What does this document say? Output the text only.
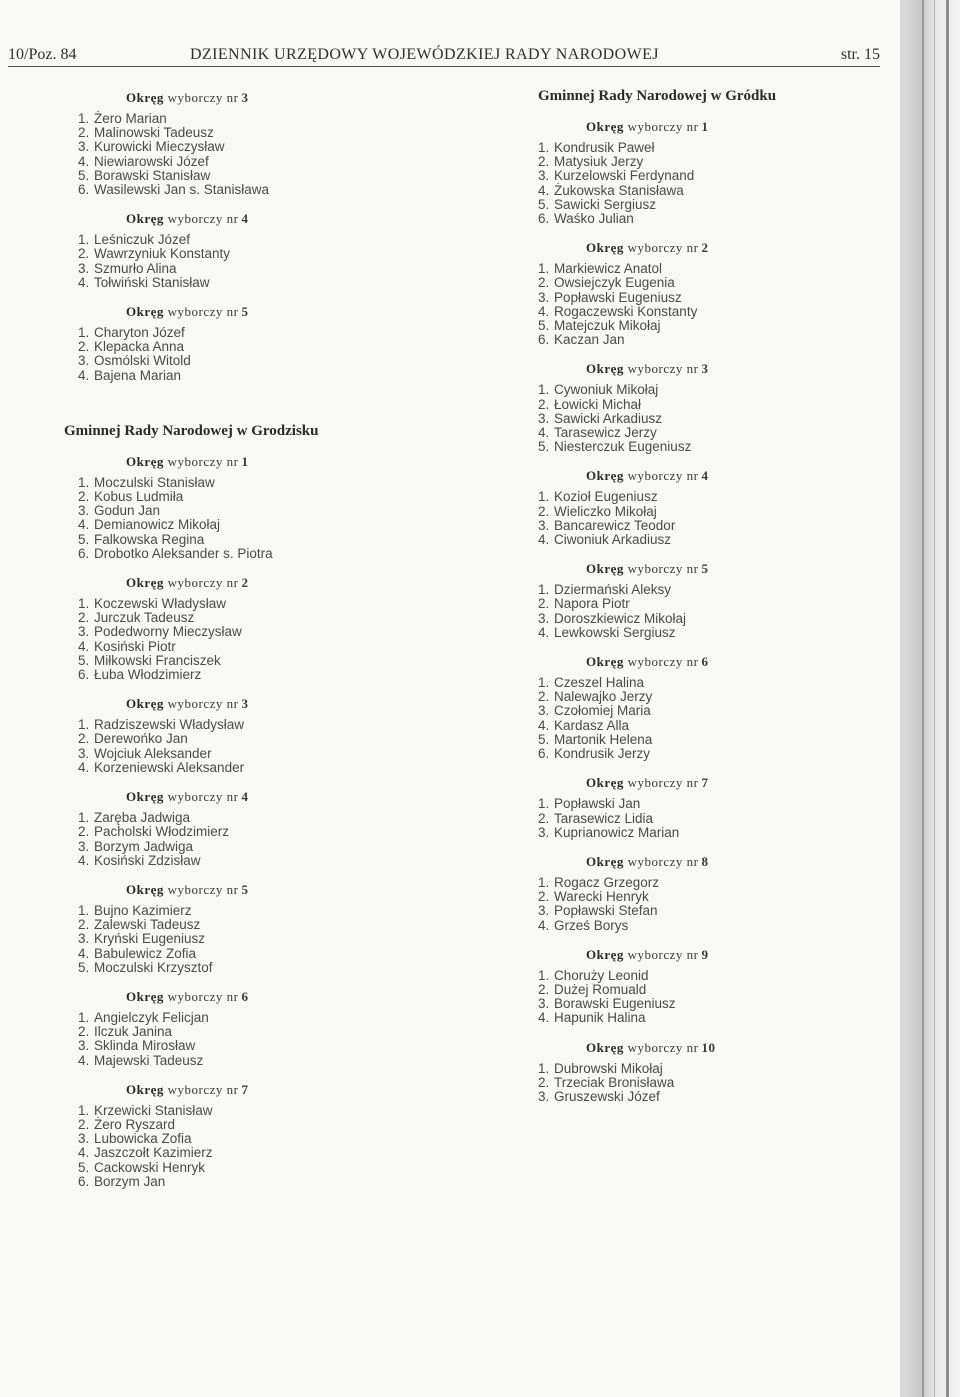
10/Poz. 84	DZIENNIK URZĘDOWY WOJEWÓDZKIEJ RADY NARODOWEJ	str. 15
Okręg wyborczy nr 3
1. Żero Marian
2. Malinowski Tadeusz
3. Kurowicki Mieczysław
4. Niewiarowski Józef
5. Borawski Stanisław
6. Wasilewski Jan s. Stanisława
Okręg wyborczy nr 4
1. Leśniczuk Józef
2. Wawrzyniuk Konstanty
3. Szmurło Alina
4. Tołwiński Stanisław
Okręg wyborczy nr 5
1. Charyton Józef
2. Klepacka Anna
3. Osmólski Witold
4. Bajena Marian
Gminnej Rady Narodowej w Grodzisku
Okręg wyborczy nr 1
1. Moczulski Stanisław
2. Kobus Ludmiła
3. Godun Jan
4. Demianowicz Mikołaj
5. Falkowska Regina
6. Drobotko Aleksander s. Piotra
Okręg wyborczy nr 2
1. Koczewski Władysław
2. Jurczuk Tadeusz
3. Podedworny Mieczysław
4. Kosiński Piotr
5. Miłkowski Franciszek
6. Łuba Włodzimierz
Okręg wyborczy nr 3
1. Radziszewski Władysław
2. Derewońko Jan
3. Wojciuk Aleksander
4. Korzeniewski Aleksander
Okręg wyborczy nr 4
1. Zaręba Jadwiga
2. Pacholski Włodzimierz
3. Borzym Jadwiga
4. Kosiński Zdzisław
Okręg wyborczy nr 5
1. Bujno Kazimierz
2. Zalewski Tadeusz
3. Kryński Eugeniusz
4. Babulewicz Zofia
5. Moczulski Krzysztof
Okręg wyborczy nr 6
1. Angielczyk Felicjan
2. Ilczuk Janina
3. Sklinda Mirosław
4. Majewski Tadeusz
Okręg wyborczy nr 7
1. Krzewicki Stanisław
2. Żero Ryszard
3. Lubowicka Zofia
4. Jaszczołt Kazimierz
5. Cackowski Henryk
6. Borzym Jan
Gminnej Rady Narodowej w Gródku
Okręg wyborczy nr 1
1. Kondrusik Paweł
2. Matysiuk Jerzy
3. Kurzelowski Ferdynand
4. Żukowska Stanisława
5. Sawicki Sergiusz
6. Waśko Julian
Okręg wyborczy nr 2
1. Markiewicz Anatol
2. Owsiejczyk Eugenia
3. Popławski Eugeniusz
4. Rogaczewski Konstanty
5. Matejczuk Mikołaj
6. Kaczan Jan
Okręg wyborczy nr 3
1. Cywoniuk Mikołaj
2. Łowicki Michał
3. Sawicki Arkadiusz
4. Tarasewicz Jerzy
5. Niesterczuk Eugeniusz
Okręg wyborczy nr 4
1. Kozioł Eugeniusz
2. Wieliczko Mikołaj
3. Bancarewicz Teodor
4. Ciwoniuk Arkadiusz
Okręg wyborczy nr 5
1. Dziermański Aleksy
2. Napora Piotr
3. Doroszkiewicz Mikołaj
4. Lewkowski Sergiusz
Okręg wyborczy nr 6
1. Czeszel Halina
2. Nalewajko Jerzy
3. Czołomiej Maria
4. Kardasz Alla
5. Martonik Helena
6. Kondrusik Jerzy
Okręg wyborczy nr 7
1. Popławski Jan
2. Tarasewicz Lidia
3. Kuprianowicz Marian
Okręg wyborczy nr 8
1. Rogacz Grzegorz
2. Warecki Henryk
3. Popławski Stefan
4. Grześ Borys
Okręg wyborczy nr 9
1. Choruży Leonid
2. Dużej Romuald
3. Borawski Eugeniusz
4. Hapunik Halina
Okręg wyborczy nr 10
1. Dubrowski Mikołaj
2. Trzeciak Bronisława
3. Gruszewski Józef
